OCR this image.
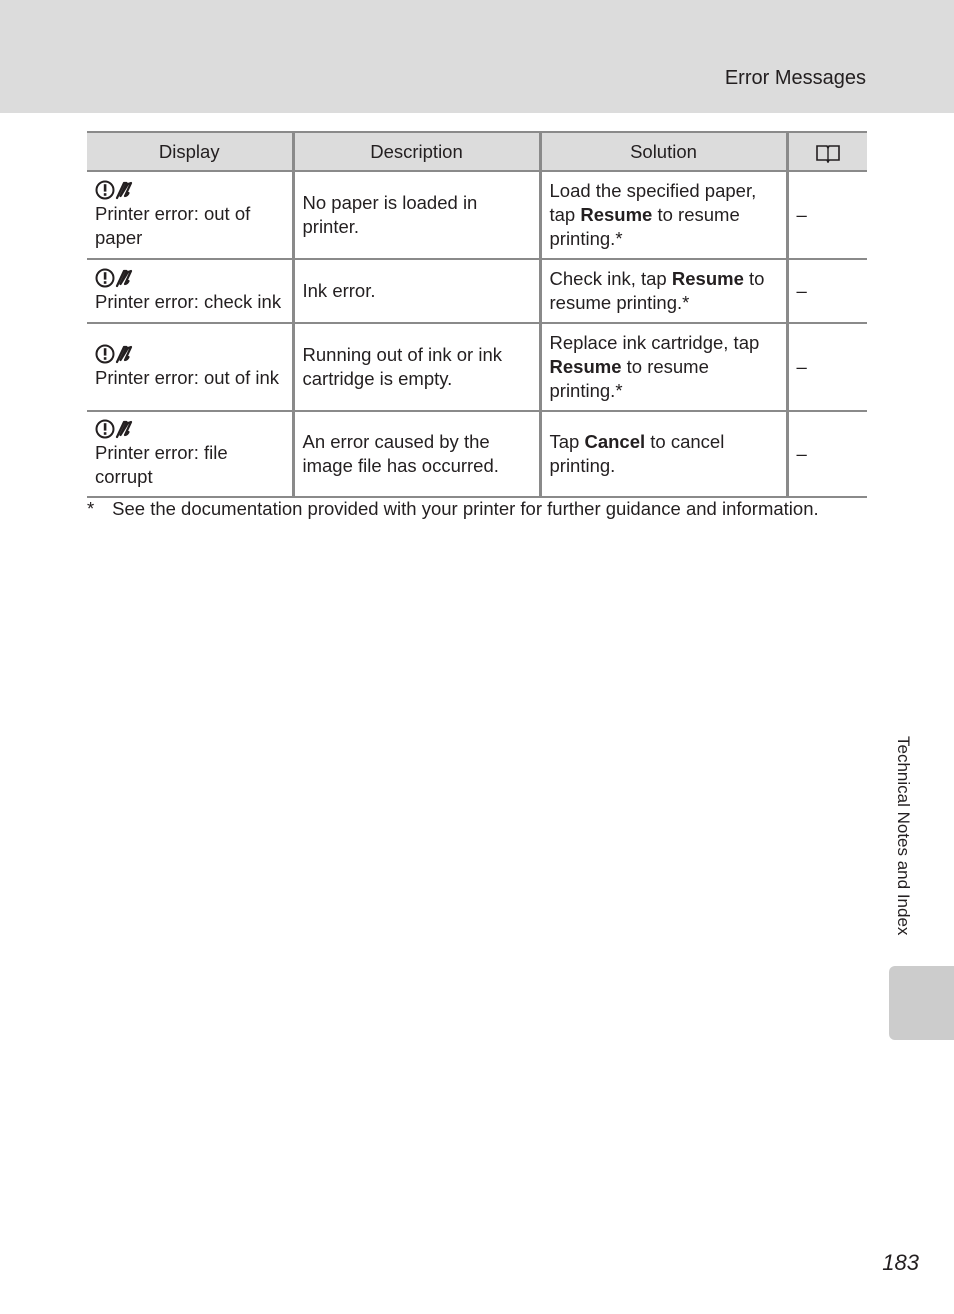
Error Messages
Display	Description	Solution	

Printer error: out of paper	No paper is loaded in printer.	Load the specified paper, tap Resume to resume printing.*	–

Printer error: check ink	Ink error.	Check ink, tap Resume to resume printing.*	–

Printer error: out of ink	Running out of ink or ink cartridge is empty.	Replace ink cartridge, tap Resume to resume printing.*	–

Printer error: file corrupt	An error caused by the image file has occurred.	Tap Cancel to cancel printing.	–
* See the documentation provided with your printer for further guidance and information.
Technical Notes and Index
183
